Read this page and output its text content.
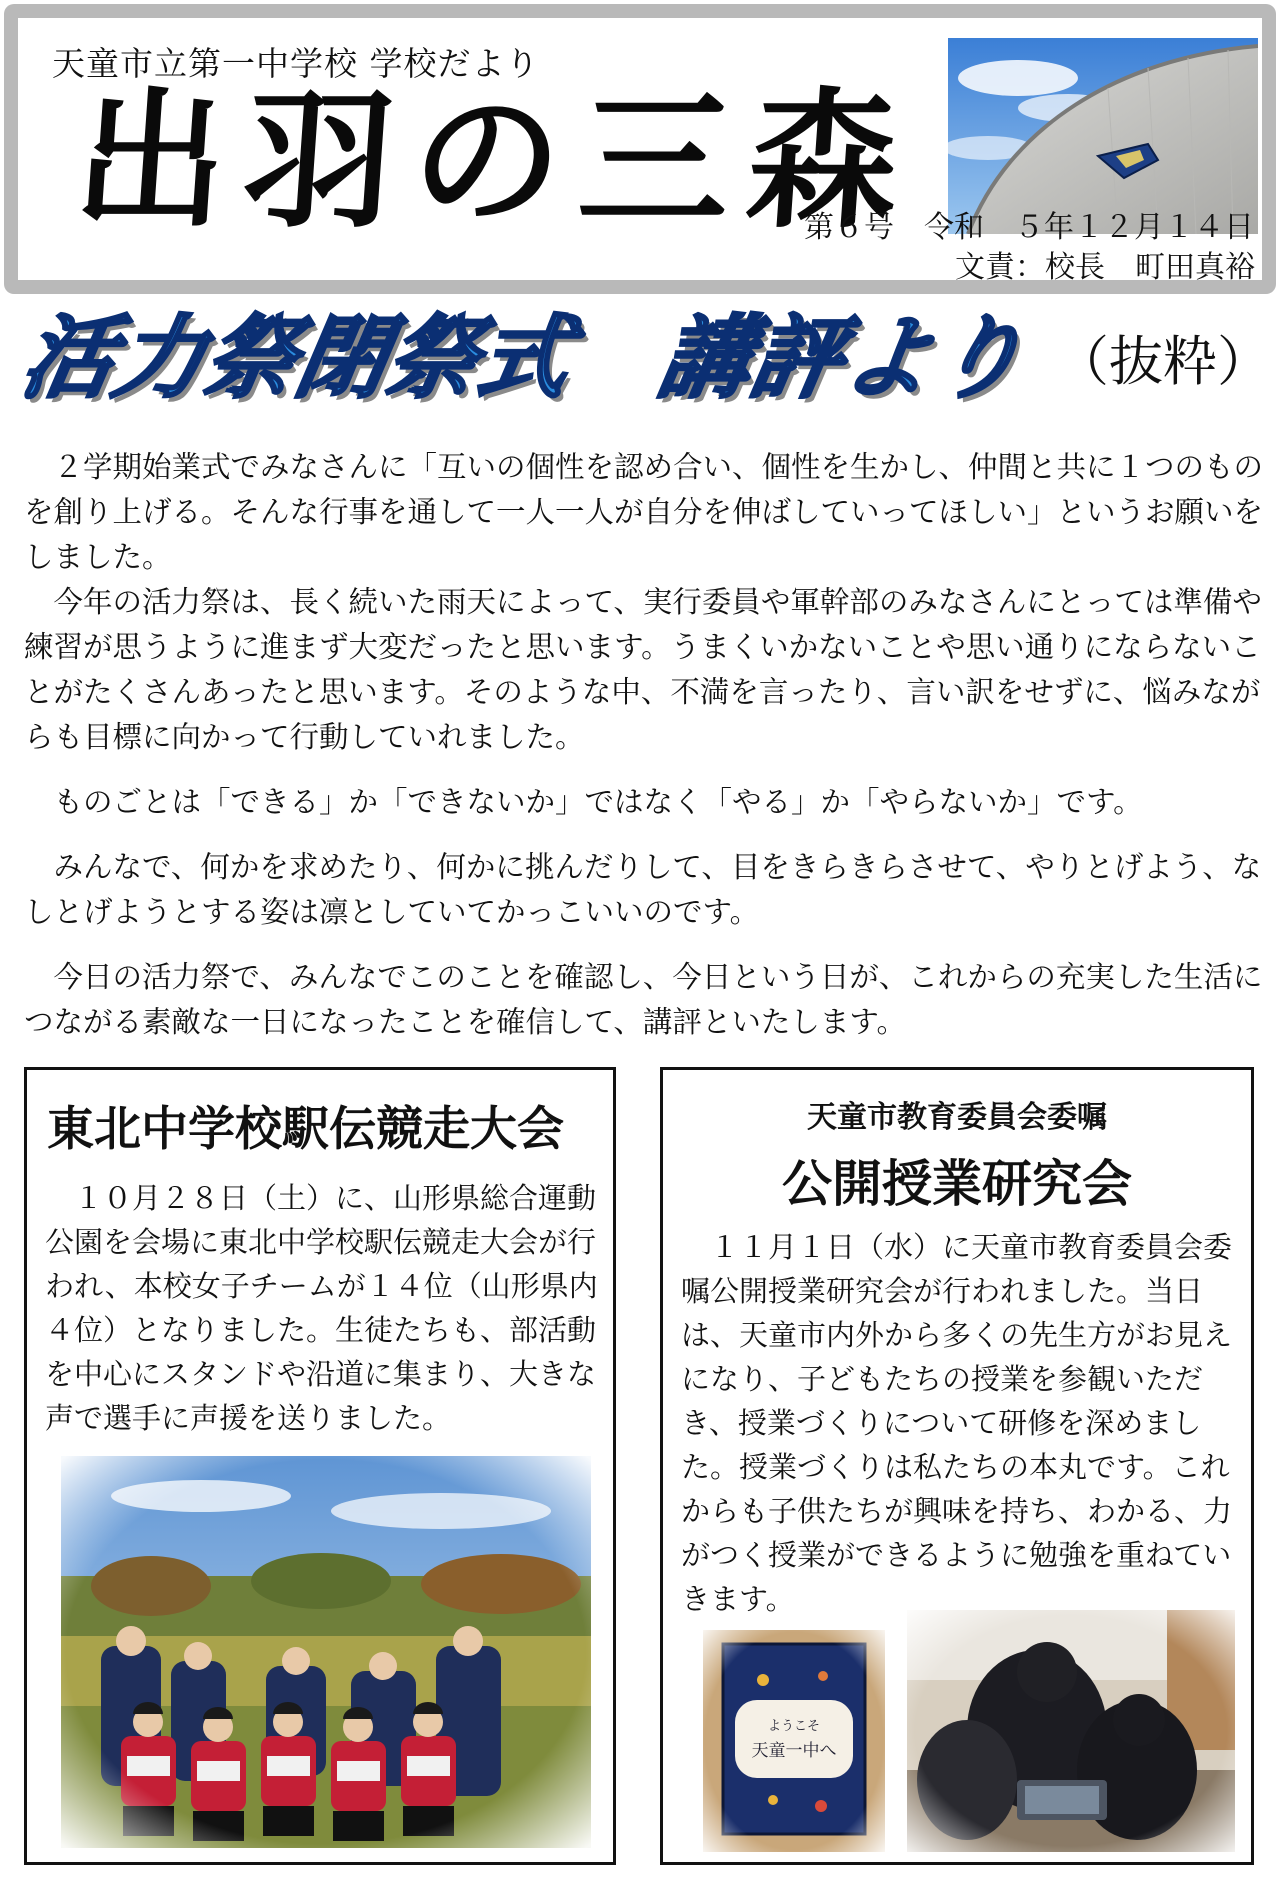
天童市立第一中学校 学校だより
出羽の三森
第６号　令和　５年１２月１４日
文責：校長　町田真裕
活力祭閉祭式　講評より （抜粋）

２学期始業式でみなさんに「互いの個性を認め合い、個性を生かし、仲間と共に１つのものを創り上げる。そんな行事を通して一人一人が自分を伸ばしていってほしい」というお願いをしました。

今年の活力祭は、長く続いた雨天によって、実行委員や軍幹部のみなさんにとっては準備や練習が思うように進まず大変だったと思います。うまくいかないことや思い通りにならないことがたくさんあったと思います。そのような中、不満を言ったり、言い訳をせずに、悩みながらも目標に向かって行動していれました。

ものごとは「できる」か「できないか」ではなく「やる」か「やらないか」です。

みんなで、何かを求めたり、何かに挑んだりして、目をきらきらさせて、やりとげよう、なしとげようとする姿は凛としていてかっこいいのです。

今日の活力祭で、みんなでこのことを確認し、今日という日が、これからの充実した生活につながる素敵な一日になったことを確信して、講評といたします。

東北中学校駅伝競走大会
１０月２８日（土）に、山形県総合運動公園を会場に東北中学校駅伝競走大会が行われ、本校女子チームが１４位（山形県内４位）となりました。生徒たちも、部活動を中心にスタンドや沿道に集まり、大きな声で選手に声援を送りました。
天童市教育委員会委嘱
公開授業研究会
１１月１日（水）に天童市教育委員会委嘱公開授業研究会が行われました。当日は、天童市内外から多くの先生方がお見えになり、子どもたちの授業を参観いただき、授業づくりについて研修を深めました。授業づくりは私たちの本丸です。これからも子供たちが興味を持ち、わかる、力がつく授業ができるように勉強を重ねていきます。
